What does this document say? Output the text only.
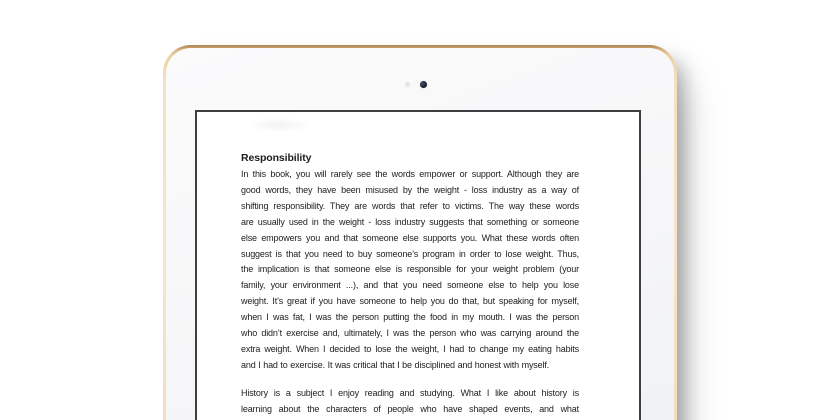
Responsibility
In this book, you will rarely see the words empower or support. Although they are
good words, they have been misused by the weight - loss industry as a way of
shifting responsibility. They are words that refer to victims. The way these words
are usually used in the weight - loss industry suggests that something or someone
else empowers you and that someone else supports you. What these words often
suggest is that you need to buy someone’s program in order to lose weight. Thus,
the implication is that someone else is responsible for your weight problem (your
family, your environment ...), and that you need someone else to help you lose
weight. It’s great if you have someone to help you do that, but speaking for myself,
when I was fat, I was the person putting the food in my mouth. I was the person
who didn’t exercise and, ultimately, I was the person who was carrying around the
extra weight. When I decided to lose the weight, I had to change my eating habits
and I had to exercise. It was critical that I be disciplined and honest with myself.
History is a subject I enjoy reading and studying. What I like about history is
learning about the characters of people who have shaped events, and what
